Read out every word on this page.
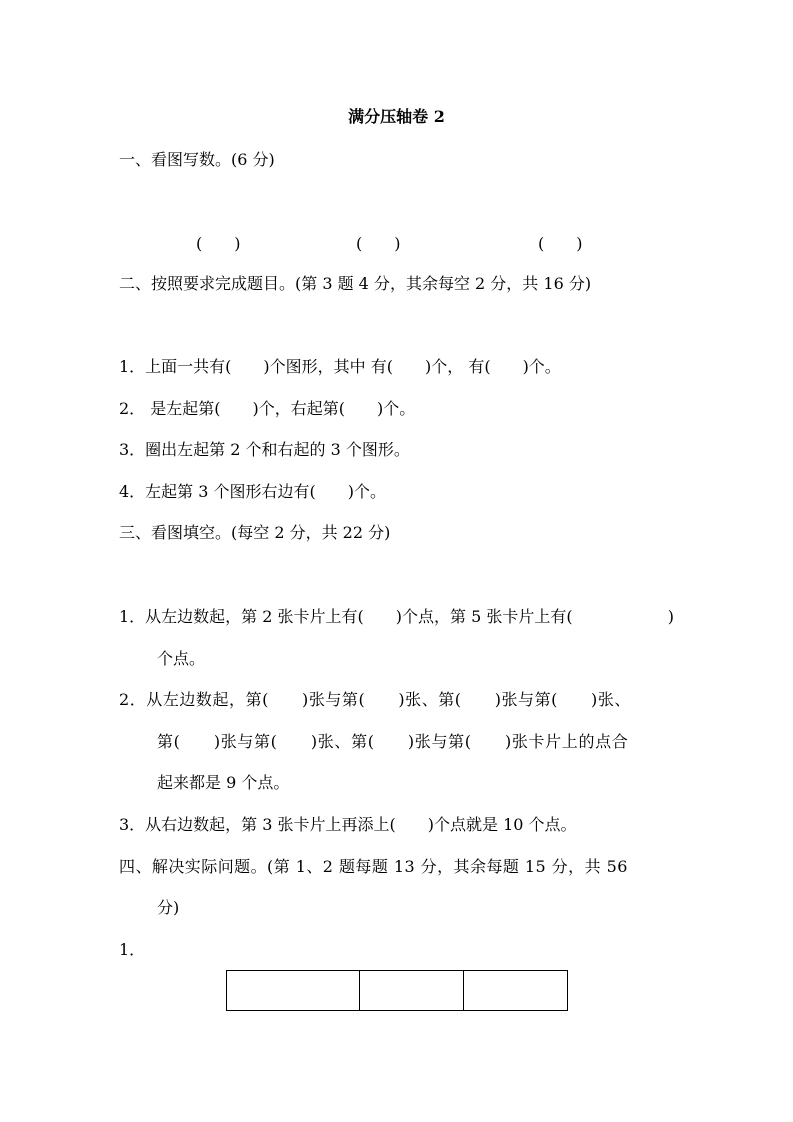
满分压轴卷 2
一、看图写数。(6 分)
(　　)	(　　)	(　　)
二、按照要求完成题目。(第 3 题 4 分，其余每空 2 分，共 16 分)
1．上面一共有(　　)个图形，其中 有(　　)个， 有(　　)个。
2． 是左起第(　　)个，右起第(　　)个。
3．圈出左起第 2 个和右起的 3 个图形。
4．左起第 3 个图形右边有(　　)个。
三、看图填空。(每空 2 分，共 22 分)
1．从左边数起，第 2 张卡片上有(　　)个点，第 5 张卡片上有(　　	)
个点。
2．从左边数起，第(　　)张与第(　　)张、第(　　)张与第(　　)张、
第(　　)张与第(　　)张、第(　　)张与第(　　)张卡片上的点合
起来都是 9 个点。
3．从右边数起，第 3 张卡片上再添上(　　)个点就是 10 个点。
四、解决实际问题。(第 1、2 题每题 13 分，其余每题 15 分，共 56
分)
1．
